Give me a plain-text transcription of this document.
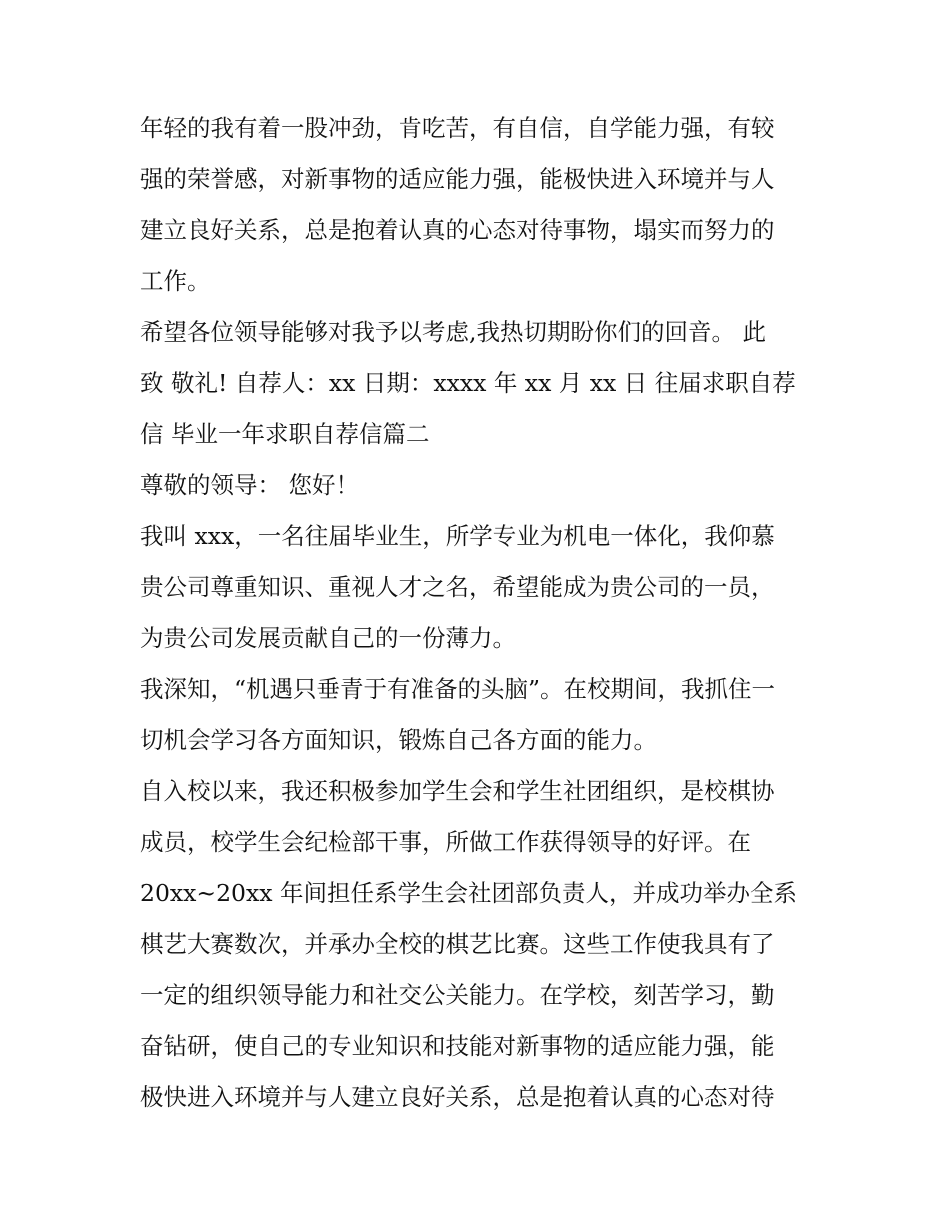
年轻的我有着一股冲劲，肯吃苦，有自信，自学能力强，有较
强的荣誉感，对新事物的适应能力强，能极快进入环境并与人
建立良好关系，总是抱着认真的心态对待事物，塌实而努力的
工作。

希望各位领导能够对我予以考虑,我热切期盼你们的回音。 此
致 敬礼! 自荐人：xx 日期：xxxx 年 xx 月 xx 日 往届求职自荐
信 毕业一年求职自荐信篇二

尊敬的领导： 您好！

我叫 xxx，一名往届毕业生，所学专业为机电一体化，我仰慕
贵公司尊重知识、重视人才之名，希望能成为贵公司的一员，
为贵公司发展贡献自己的一份薄力。

我深知，“机遇只垂青于有准备的头脑”。在校期间，我抓住一
切机会学习各方面知识，锻炼自己各方面的能力。

自入校以来，我还积极参加学生会和学生社团组织，是校棋协
成员，校学生会纪检部干事，所做工作获得领导的好评。在
20xx~20xx 年间担任系学生会社团部负责人，并成功举办全系
棋艺大赛数次，并承办全校的棋艺比赛。这些工作使我具有了
一定的组织领导能力和社交公关能力。在学校，刻苦学习，勤
奋钻研，使自己的专业知识和技能对新事物的适应能力强，能
极快进入环境并与人建立良好关系，总是抱着认真的心态对待
